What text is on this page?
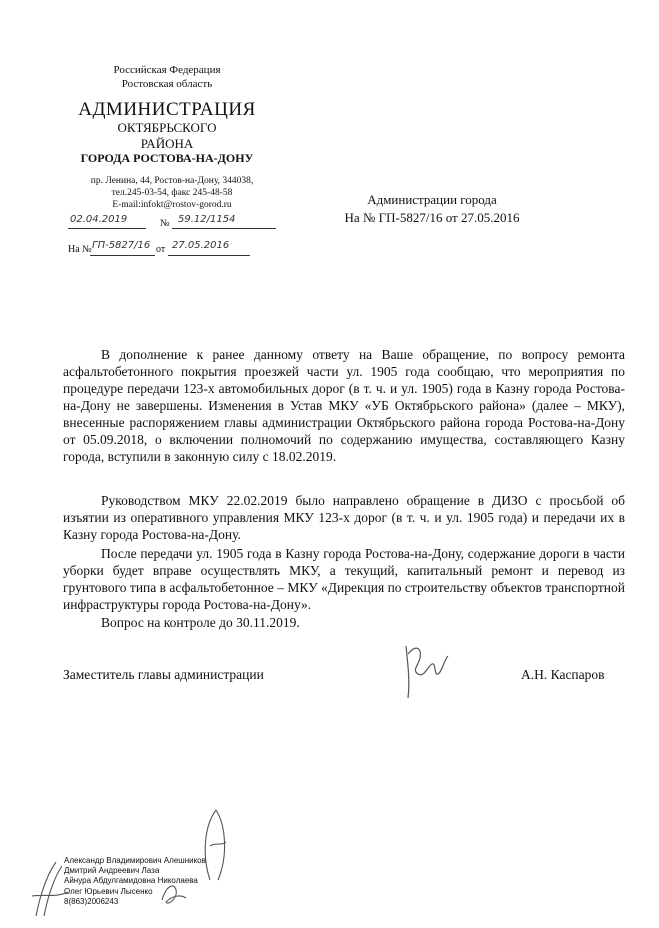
Российская Федерация
Ростовская область
АДМИНИСТРАЦИЯ
ОКТЯБРЬСКОГО
РАЙОНА
ГОРОДА РОСТОВА-НА-ДОНУ
пр. Ленина, 44, Ростов-на-Дону, 344038,
тел.245-03-54, факс 245-48-58
E-mail:infokt@rostov-gorod.ru
02.04.2019	№ 59.12/1154
На № ГП-5827/16 от 27.05.2016
Администрации города
На № ГП-5827/16 от 27.05.2016
В дополнение к ранее данному ответу на Ваше обращение, по вопросу ремонта асфальтобетонного покрытия проезжей части ул. 1905 года сообщаю, что мероприятия по процедуре передачи 123-х автомобильных дорог (в т. ч. и ул. 1905) года в Казну города Ростова-на-Дону не завершены. Изменения в Устав МКУ «УБ Октябрьского района» (далее – МКУ), внесенные распоряжением главы администрации Октябрьского района города Ростова-на-Дону от 05.09.2018, о включении полномочий по содержанию имущества, составляющего Казну города, вступили в законную силу с 18.02.2019.
Руководством МКУ 22.02.2019 было направлено обращение в ДИЗО с просьбой об изъятии из оперативного управления МКУ 123-х дорог (в т. ч. и ул. 1905 года) и передачи их в Казну города Ростова-на-Дону.
После передачи ул. 1905 года в Казну города Ростова-на-Дону, содержание дороги в части уборки будет вправе осуществлять МКУ, а текущий, капитальный ремонт и перевод из грунтового типа в асфальтобетонное – МКУ «Дирекция по строительству объектов транспортной инфраструктуры города Ростова-на-Дону».
Вопрос на контроле до 30.11.2019.
Заместитель главы администрации	А.Н. Каспаров
Александр Владимирович Алешников
Дмитрий Андреевич Лаза
Айнура Абдулгамидовна Николаева
Олег Юрьевич Лысенко
8(863)2006243
